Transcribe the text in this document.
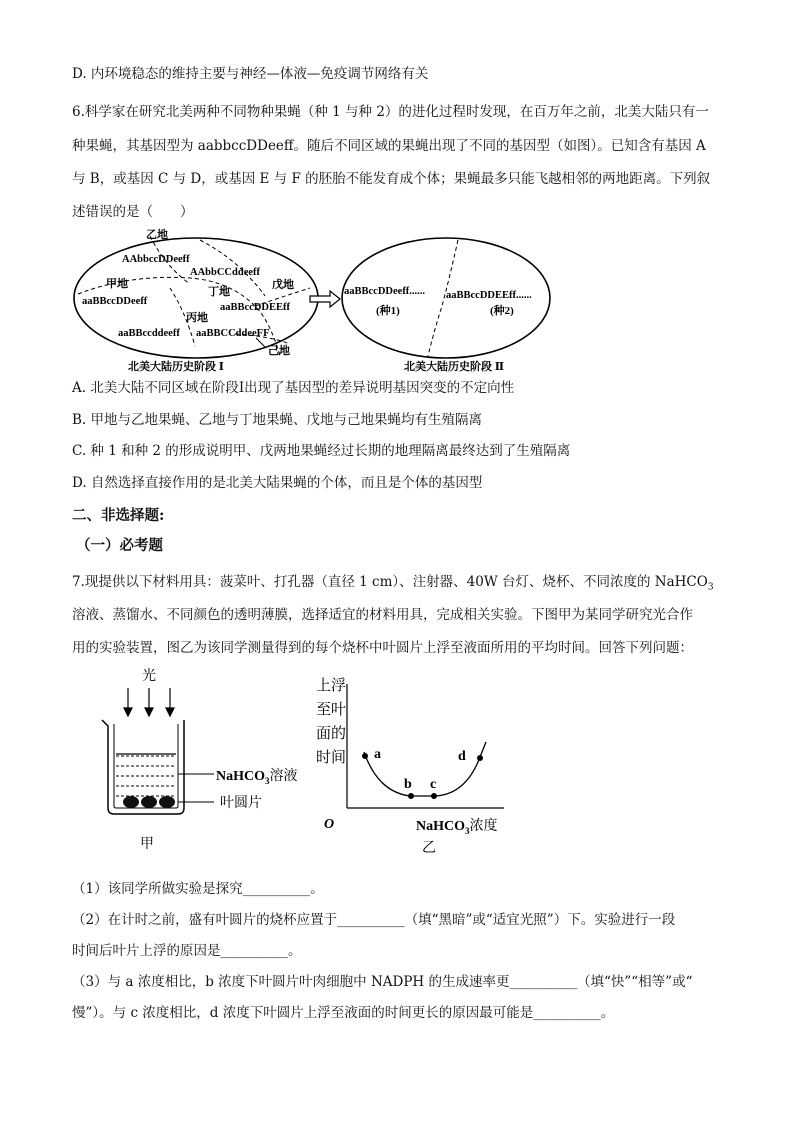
D. 内环境稳态的维持主要与神经—体液—免疫调节网络有关
6.科学家在研究北美两种不同物种果蝇（种 1 与种 2）的进化过程时发现，在百万年之前，北美大陆只有一
种果蝇，其基因型为 aabbccDDeeff。随后不同区域的果蝇出现了不同的基因型（如图）。已知含有基因 A
与 B，或基因 C 与 D，或基因 E 与 F 的胚胎不能发育成个体；果蝇最多只能飞越相邻的两地距离。下列叙
述错误的是（　　）
乙地
AAbbccDDeeff
AAbbCCddeeff
戊地
甲地
丁地
aaBBccDDeeff
aaBBccDDEEff
丙地
aaBBccddeeff aaBBCCddeeFF
己地
北美大陆历史阶段 Ⅰ
aaBBccDDeeff......
(种1)
aaBBccDDEEff......
(种2)
北美大陆历史阶段 Ⅱ
A. 北美大陆不同区域在阶段Ⅰ出现了基因型的差异说明基因突变的不定向性
B. 甲地与乙地果蝇、乙地与丁地果蝇、戊地与己地果蝇均有生殖隔离
C. 种 1 和种 2 的形成说明甲、戊两地果蝇经过长期的地理隔离最终达到了生殖隔离
D. 自然选择直接作用的是北美大陆果蝇的个体，而且是个体的基因型
二、非选择题:
（一）必考题
7.现提供以下材料用具：菠菜叶、打孔器（直径 1 cm）、注射器、40W 台灯、烧杯、不同浓度的 NaHCO$_3$
溶液、蒸馏水、不同颜色的透明薄膜，选择适宜的材料用具，完成相关实验。下图甲为某同学研究光合作
用的实验装置，图乙为该同学测量得到的每个烧杯中叶圆片上浮至液面所用的平均时间。回答下列问题：
光
NaHCO$_3$溶液
叶圆片
甲
上浮
至叶
面的
时间
O
a
b c
d
NaHCO$_3$浓度
乙
（1）该同学所做实验是探究__________。
（2）在计时之前，盛有叶圆片的烧杯应置于__________（填“黑暗”或“适宜光照”）下。实验进行一段
时间后叶片上浮的原因是__________。
（3）与 a 浓度相比，b 浓度下叶圆片叶肉细胞中 NADPH 的生成速率更__________（填“快”“相等”或“
慢”）。与 c 浓度相比，d 浓度下叶圆片上浮至液面的时间更长的原因最可能是__________。
